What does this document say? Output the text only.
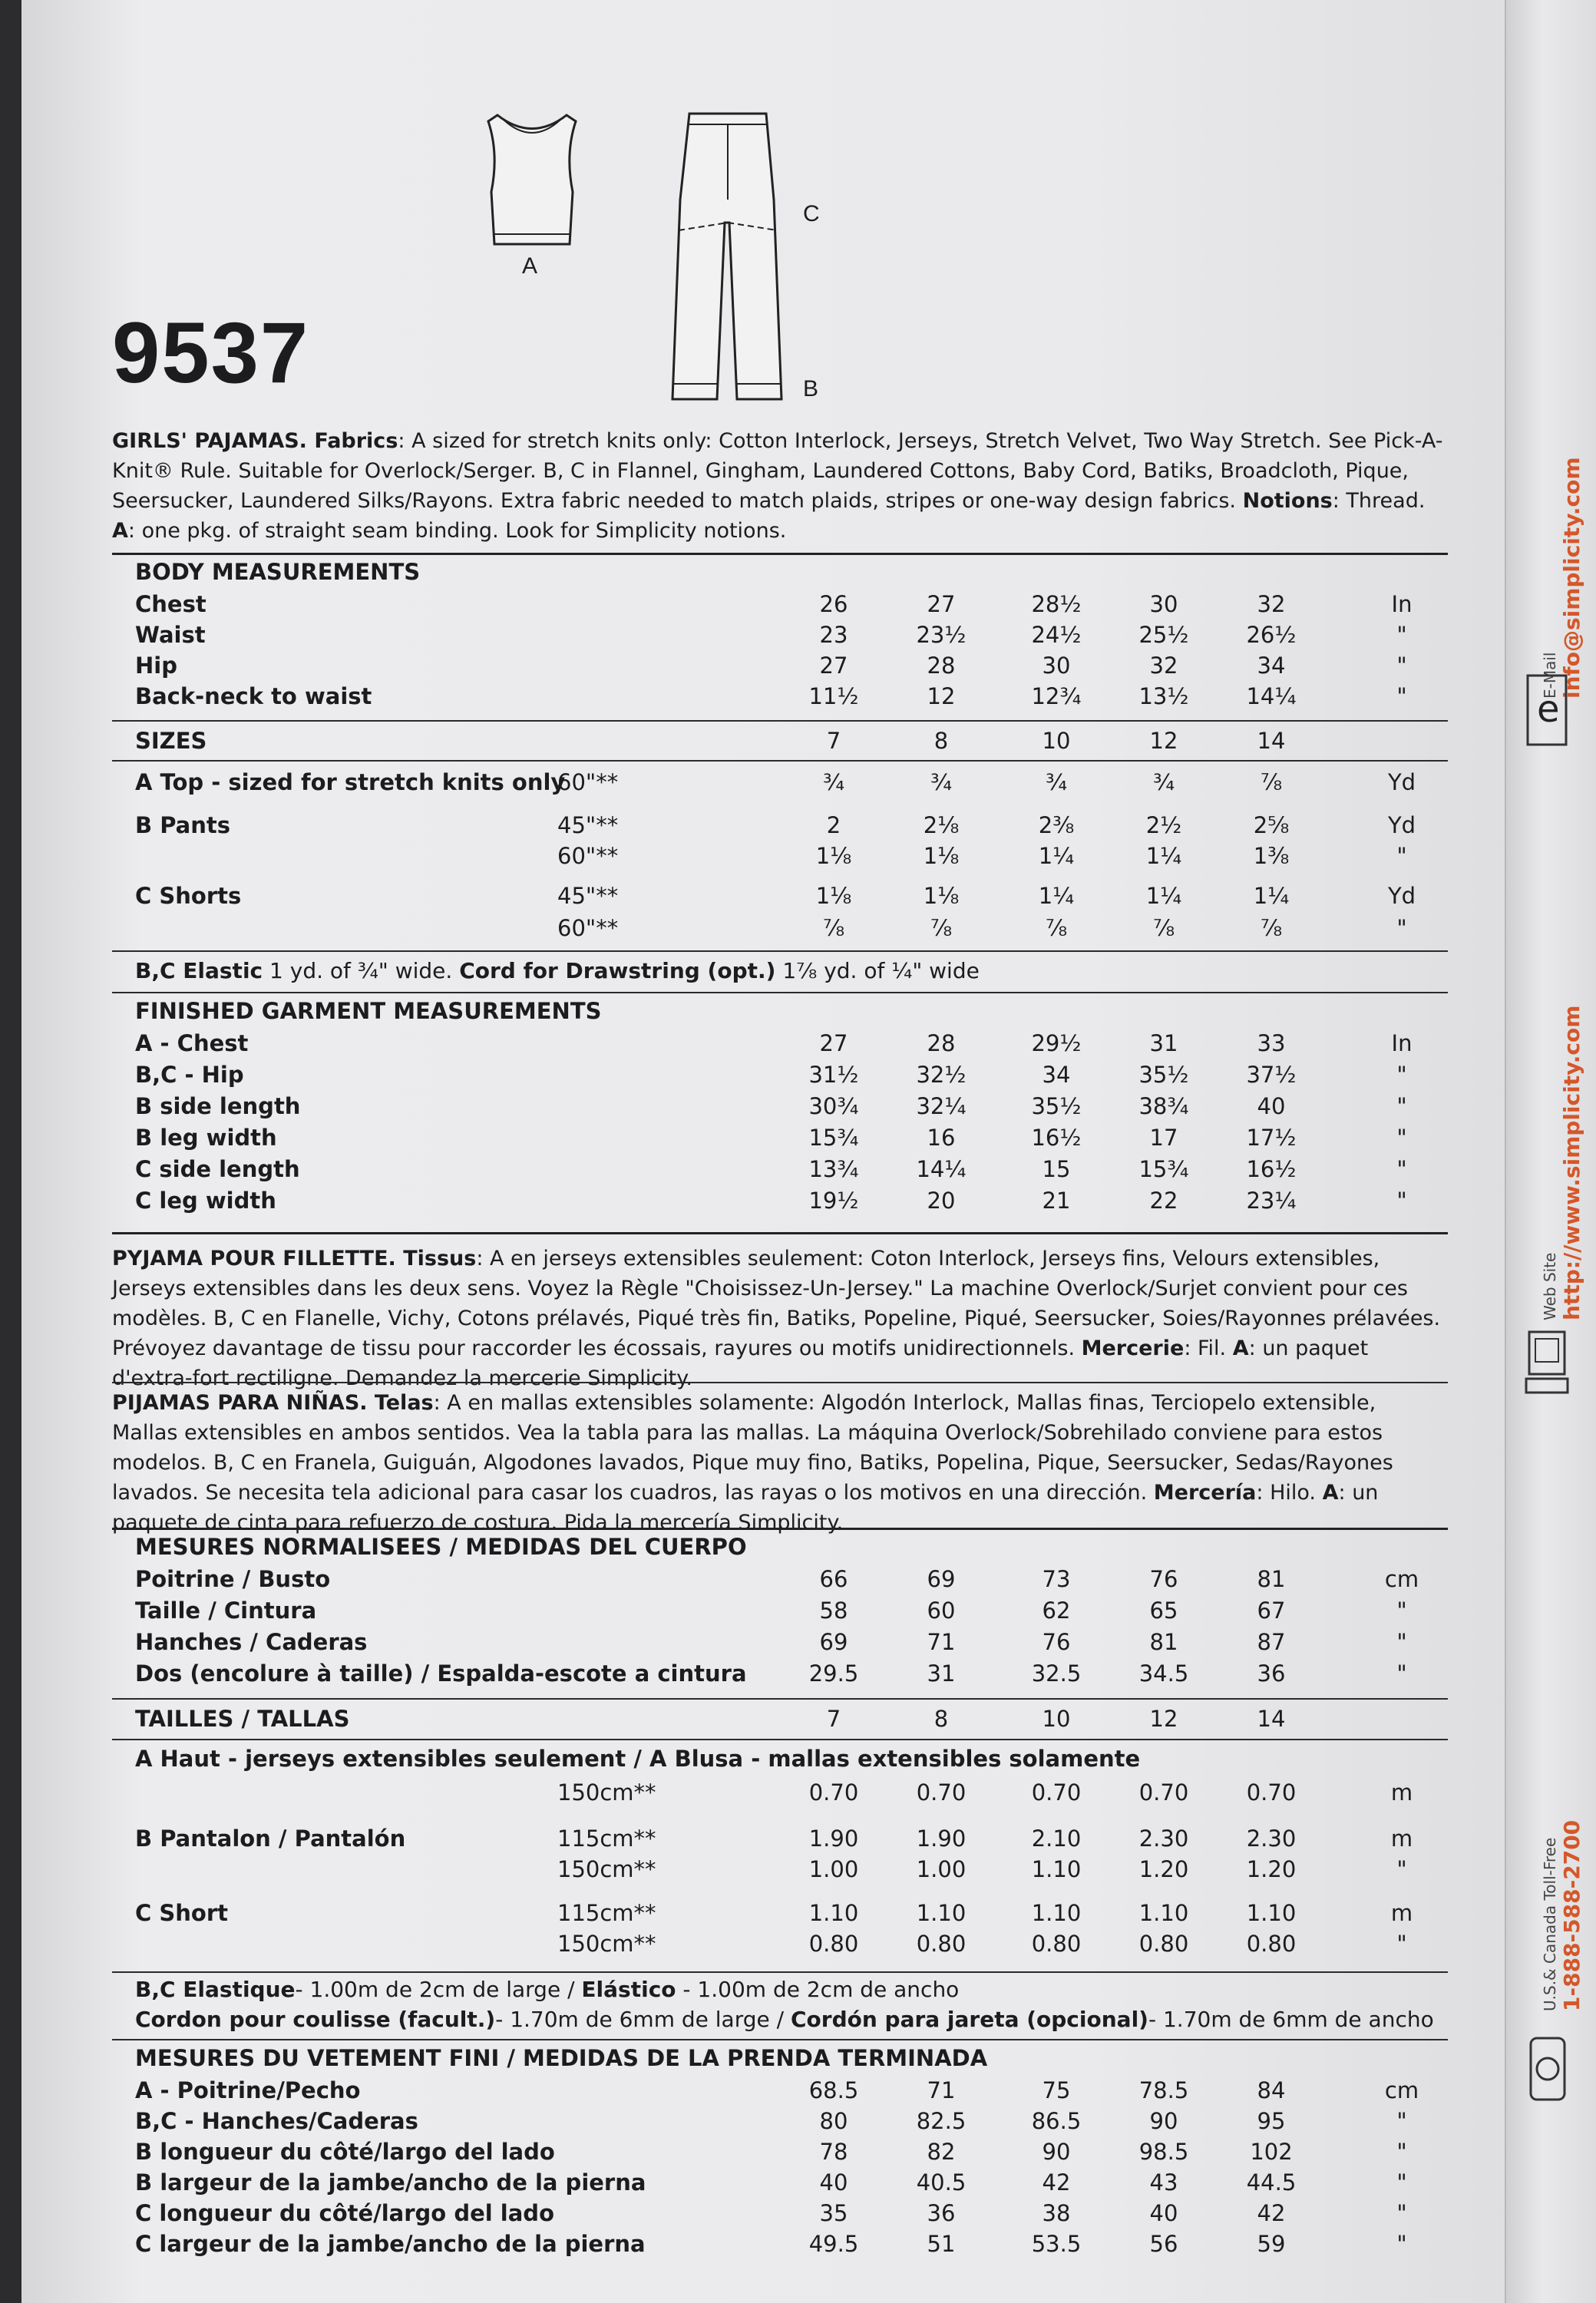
A
C
B
9537
GIRLS' PAJAMAS. Fabrics: A sized for stretch knits only: Cotton Interlock, Jerseys, Stretch Velvet, Two Way Stretch. See Pick-A-Knit® Rule. Suitable for Overlock/Serger. B, C in Flannel, Gingham, Laundered Cottons, Baby Cord, Batiks, Broadcloth, Pique, Seersucker, Laundered Silks/Rayons. Extra fabric needed to match plaids, stripes or one-way design fabrics. Notions: Thread. A: one pkg. of straight seam binding. Look for Simplicity notions.
BODY MEASUREMENTS
Chest	26	27	28½	30	32	In
Waist	23	23½	24½	25½	26½	"
Hip	27	28	30	32	34	"
Back-neck to waist	11½	12	12¾	13½	14¼	"
SIZES	7	8	10	12	14
A Top - sized for stretch knits only
60"**	¾	¾	¾	¾	⅞	Yd
B Pants	45"**	2	2⅛	2⅜	2½	2⅝	Yd
60"**	1⅛	1⅛	1¼	1¼	1⅜	"
C Shorts	45"**	1⅛	1⅛	1¼	1¼	1¼	Yd
60"**	⅞	⅞	⅞	⅞	⅞	"
B,C Elastic 1 yd. of ¾" wide. Cord for Drawstring (opt.) 1⅞ yd. of ¼" wide
FINISHED GARMENT MEASUREMENTS
A - Chest	27	28	29½	31	33	In
B,C - Hip	31½	32½	34	35½	37½	"
B side length	30¾	32¼	35½	38¾	40	"
B leg width	15¾	16	16½	17	17½	"
C side length	13¾	14¼	15	15¾	16½	"
C leg width	19½	20	21	22	23¼	"
PYJAMA POUR FILLETTE. Tissus: A en jerseys extensibles seulement: Coton Interlock, Jerseys fins, Velours extensibles, Jerseys extensibles dans les deux sens. Voyez la Règle "Choisissez-Un-Jersey." La machine Overlock/Surjet convient pour ces modèles. B, C en Flanelle, Vichy, Cotons prélavés, Piqué très fin, Batiks, Popeline, Piqué, Seersucker, Soies/Rayonnes prélavées. Prévoyez davantage de tissu pour raccorder les écossais, rayures ou motifs unidirectionnels. Mercerie: Fil. A: un paquet d'extra-fort rectiligne. Demandez la mercerie Simplicity.
PIJAMAS PARA NIÑAS. Telas: A en mallas extensibles solamente: Algodón Interlock, Mallas finas, Terciopelo extensible, Mallas extensibles en ambos sentidos. Vea la tabla para las mallas. La máquina Overlock/Sobrehilado conviene para estos modelos. B, C en Franela, Guiguán, Algodones lavados, Pique muy fino, Batiks, Popelina, Pique, Seersucker, Sedas/Rayones lavados. Se necesita tela adicional para casar los cuadros, las rayas o los motivos en una dirección. Mercería: Hilo. A: un paquete de cinta para refuerzo de costura. Pida la mercería Simplicity.
MESURES NORMALISEES / MEDIDAS DEL CUERPO
Poitrine / Busto	66	69	73	76	81	cm
Taille / Cintura	58	60	62	65	67	"
Hanches / Caderas	69	71	76	81	87	"
Dos (encolure à taille) / Espalda-escote a cintura	29.5	31	32.5	34.5	36	"
TAILLES / TALLAS	7	8	10	12	14
A Haut - jerseys extensibles seulement / A Blusa - mallas extensibles solamente
150cm**	0.70	0.70	0.70	0.70	0.70	m
B Pantalon / Pantalón	115cm**	1.90	1.90	2.10	2.30	2.30	m
150cm**	1.00	1.00	1.10	1.20	1.20	"
C Short	115cm**	1.10	1.10	1.10	1.10	1.10	m
150cm**	0.80	0.80	0.80	0.80	0.80	"
B,C Elastique- 1.00m de 2cm de large / Elástico - 1.00m de 2cm de ancho
Cordon pour coulisse (facult.)- 1.70m de 6mm de large / Cordón para jareta (opcional)- 1.70m de 6mm de ancho
MESURES DU VETEMENT FINI / MEDIDAS DE LA PRENDA TERMINADA
A - Poitrine/Pecho	68.5	71	75	78.5	84	cm
B,C - Hanches/Caderas	80	82.5	86.5	90	95	"
B longueur du côté/largo del lado	78	82	90	98.5	102	"
B largeur de la jambe/ancho de la pierna	40	40.5	42	43	44.5	"
C longueur du côté/largo del lado	35	36	38	40	42	"
C largeur de la jambe/ancho de la pierna	49.5	51	53.5	56	59	"
E-Mail info@simplicity.com
e
Web Site http://www.simplicity.com
U.S.& Canada Toll-Free 1-888-588-2700
